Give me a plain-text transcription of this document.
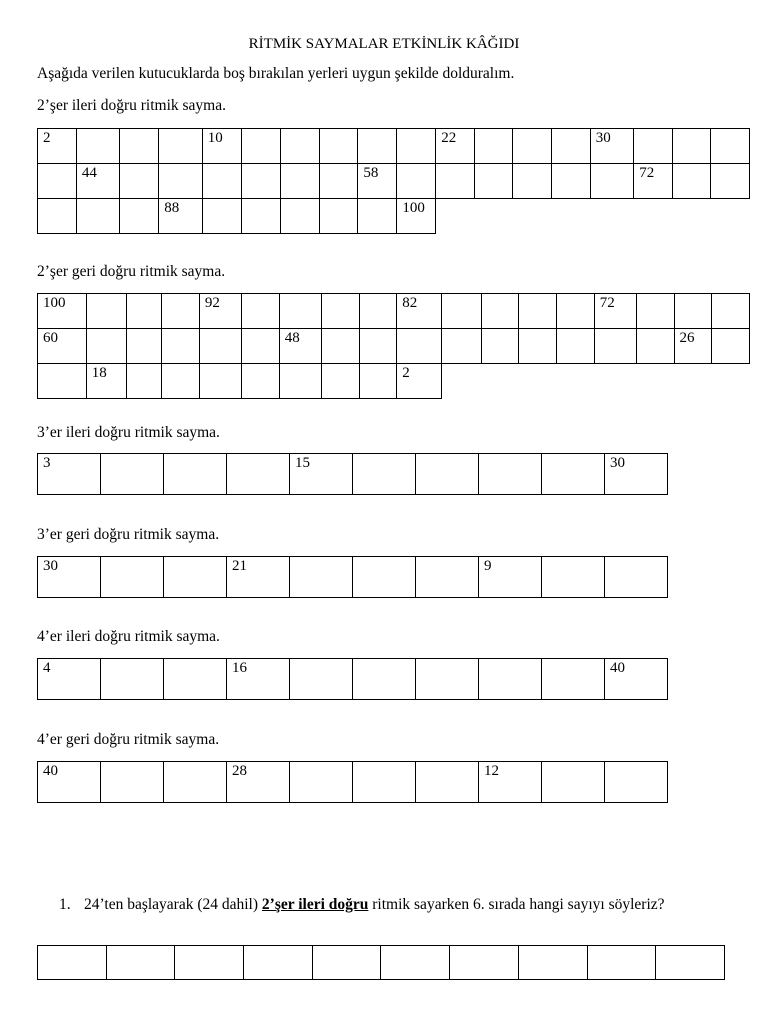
RİTMİK SAYMALAR ETKİNLİK KÂĞIDI
Aşağıda verilen kutucuklarda boş bırakılan yerleri uygun şekilde dolduralım.
2’şer ileri doğru ritmik sayma.
2				10						22				30			
	44							58							72		
			88						100								
2’şer geri doğru ritmik sayma.
100				92					82					72			
60						48										26	
	18								2								
3’er ileri doğru ritmik sayma.
3				15					30
3’er geri doğru ritmik sayma.
30			21				9		
4’er ileri doğru ritmik sayma.
4			16						40
4’er geri doğru ritmik sayma.
40			28				12		
1. 24’ten başlayarak (24 dahil) 2’şer ileri doğru ritmik sayarken 6. sırada hangi sayıyı söyleriz?
